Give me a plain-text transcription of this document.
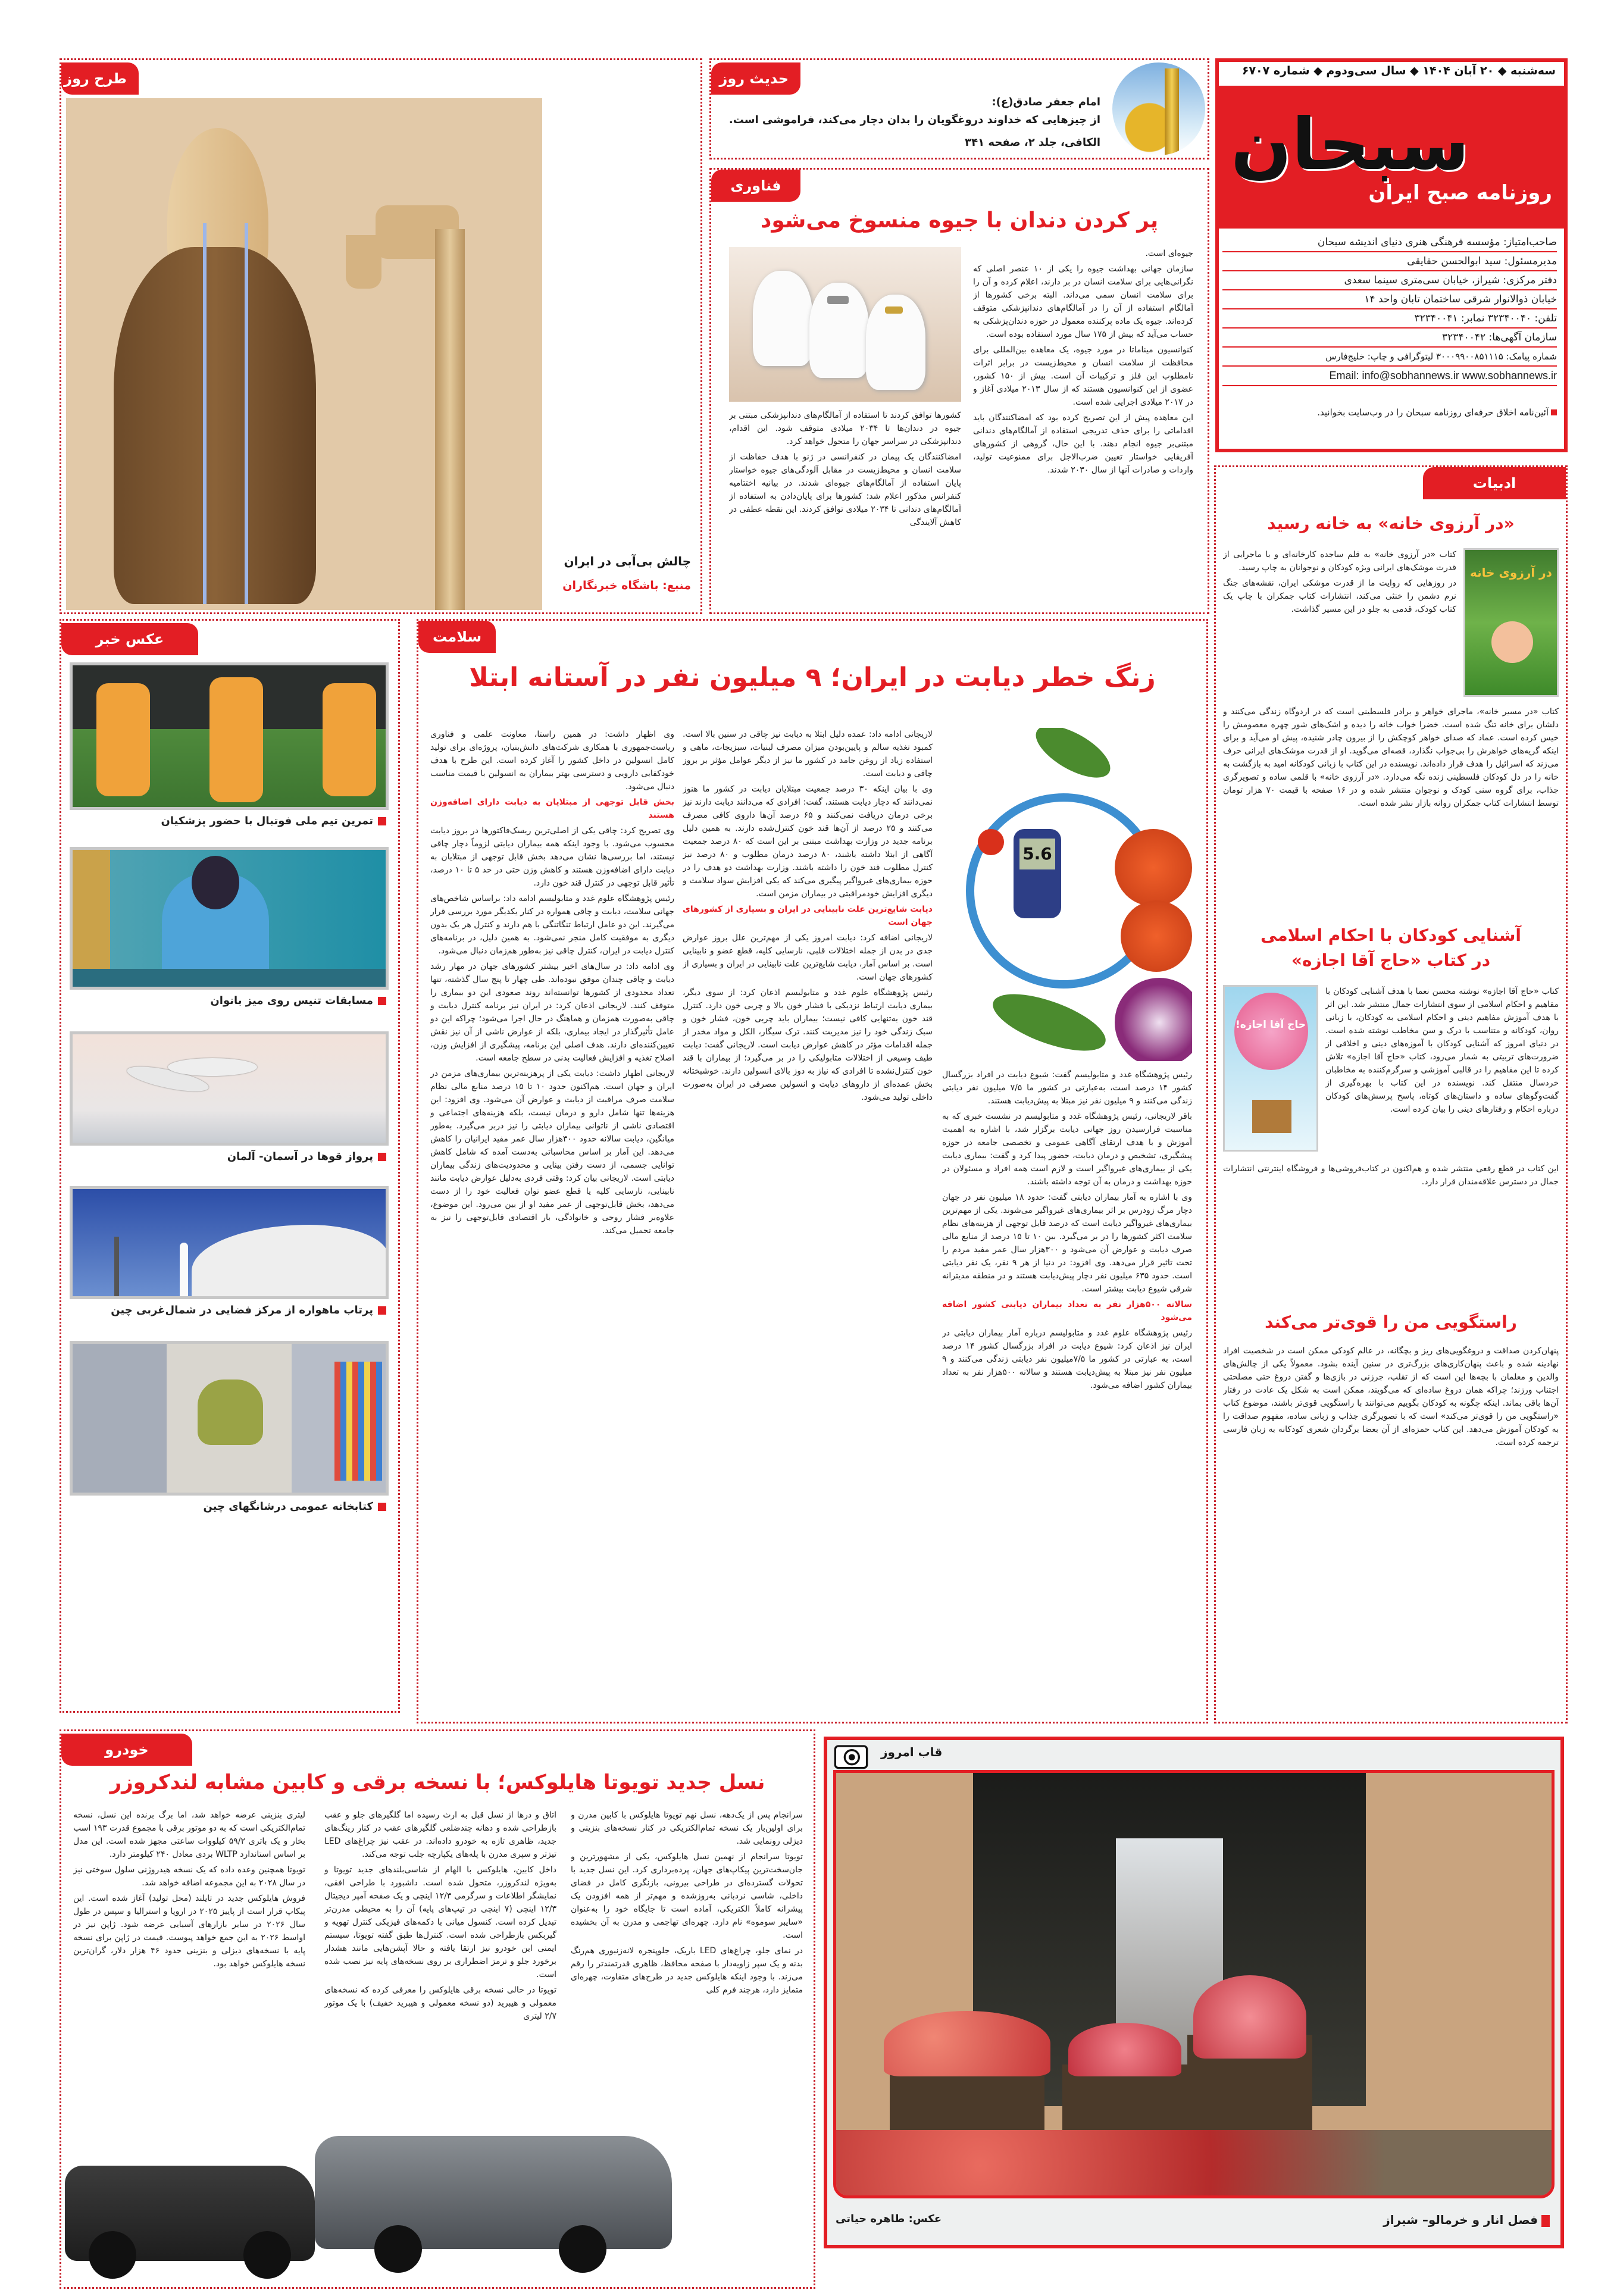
سه‌شنبه ◆ ۲۰ آبان ۱۴۰۴ ◆ سال سی‌ودوم ◆ شماره ۶۷۰۷
سبحان
روزنامه صبح ایران
صاحب‌امتیاز: مؤسسه فرهنگی هنری دنیای اندیشه سبحان
مدیرمسئول: سید ابوالحسن حقایقی
دفتر مرکزی: شیراز، خیابان سی‌متری سینما سعدی
خیابان ذوالانوار شرقی ساختمان تابان واحد ۱۴
تلفن: ۳۲۳۴۰۰۴۰ نمابر: ۳۲۳۴۰۰۴۱
سازمان آگهی‌ها: ۳۲۳۴۰۰۴۲
شماره پیامک: ۳۰۰۰۹۹۰۰۸۵۱۱۱۵ لیتوگرافی و چاپ: خلیج‌فارس
Email: info@sobhannews.ir www.sobhannews.ir
آئین‌نامه اخلاق حرفه‌ای روزنامه سبحان را در وب‌سایت بخوانید.
حدیث روز
امام جعفر صادق(ع):
از چیزهایی که خداوند دروغگویان را بدان دچار می‌کند، فراموشی است.
الکافی، جلد ۲، صفحه ۳۴۱
فناوری
پر کردن دندان با جیوه منسوخ می‌شود

جیوه‌ای است.

سازمان جهانی بهداشت جیوه را یکی از ۱۰ عنصر اصلی که نگرانی‌هایی برای سلامت انسان در بر دارند، اعلام کرده و آن را برای سلامت انسان سمی می‌داند. البته برخی کشورها از آمالگام استفاده از آن را در آمالگام‌های دندانپزشکی متوقف کرده‌اند. جیوه یک ماده پرکننده معمول در حوزه دندان‌پزشکی به حساب می‌آید که بیش از ۱۷۵ سال مورد استفاده بوده است.

کنوانسیون میناماتا در مورد جیوه، یک معاهده بین‌المللی برای محافظت از سلامت انسان و محیط‌زیست در برابر اثرات نامطلوب این فلز و ترکیبات آن است. بیش از ۱۵۰ کشور، عضوی از این کنوانسیون هستند که از سال ۲۰۱۳ میلادی آغاز و در ۲۰۱۷ میلادی اجرایی شده است.

این معاهده پیش از این تصریح کرده بود که امضاکنندگان باید اقداماتی را برای حذف تدریجی استفاده از آمالگام‌های دندانی مبتنی‌بر جیوه انجام دهند. با این حال، گروهی از کشورهای آفریقایی خواستار تعیین ضرب‌الاجل برای ممنوعیت تولید، واردات و صادرات آنها از سال ۲۰۳۰ شدند.

کشورها توافق کردند تا استفاده از آمالگام‌های دندانپزشکی مبتنی بر جیوه در دندان‌ها تا ۲۰۳۴ میلادی متوقف شود. این اقدام، دندانپزشکی در سراسر جهان را متحول خواهد کرد.

امضاکنندگان یک پیمان در کنفرانسی در ژنو با هدف حفاظت از سلامت انسان و محیط‌زیست در مقابل آلودگی‌های جیوه خواستار پایان استفاده از آمالگام‌های جیوه‌ای شدند. در بیانیه اختتامیه کنفرانس مذکور اعلام شد: کشورها برای پایان‌دادن به استفاده از آمالگام‌های دندانی تا ۲۰۳۴ میلادی توافق کردند. این نقطه عطفی در کاهش آلایندگی

طرح روز
چالش بی‌آبی در ایران
منبع: باشگاه خبرنگاران
ادبیات
«در آرزوی خانه» به خانه رسید
در آرزوی خانه

کتاب «در آرزوی خانه» به قلم ساجده کارخانه‌ای و با ماجرایی از قدرت موشک‌های ایرانی ویژه کودکان و نوجوانان به چاپ رسید.

در روزهایی که روایت ما از قدرت موشکی ایران، نقشه‌های جنگ نرم دشمن را خنثی می‌کند، انتشارات کتاب جمکران با چاپ یک کتاب کودک، قدمی به جلو در این مسیر گذاشت.

کتاب «در مسیر خانه»، ماجرای خواهر و برادر فلسطینی است که در اردوگاه زندگی می‌کنند و دلشان برای خانه تنگ شده است. خضرا خواب خانه را دیده و اشک‌های شور چهره معصومش را خیس کرده است. عماد که صدای خواهر کوچکش را از بیرون چادر شنیده، پیش او می‌آید و برای اینکه گریه‌های خواهرش را بی‌جواب نگذارد، قصه‌ای می‌گوید. او از قدرت موشک‌های ایرانی حرف می‌زند که اسرائیل را هدف قرار داده‌اند. نویسنده در این کتاب با زبانی کودکانه امید به بازگشت به خانه را در دل کودکان فلسطینی زنده نگه می‌دارد. «در آرزوی خانه» با قلمی ساده و تصویرگری جذاب، برای گروه سنی کودک و نوجوان منتشر شده و در ۱۶ صفحه با قیمت ۷۰ هزار تومان توسط انتشارات کتاب جمکران روانه بازار نشر شده است.

آشنایی کودکان با احکام اسلامی
در کتاب «حاج آقا اجازه»
حاج آقا اجازه!

کتاب «حاج آقا اجازه» نوشته محسن نعما با هدف آشنایی کودکان با مفاهیم و احکام اسلامی از سوی انتشارات جمال منتشر شد. این اثر با هدف آموزش مفاهیم دینی و احکام اسلامی به کودکان، با زبانی روان، کودکانه و متناسب با درک و سن مخاطب نوشته شده است. در دنیای امروز که آشنایی کودکان با آموزه‌های دینی و اخلاقی از ضرورت‌های تربیتی به شمار می‌رود، کتاب «حاج آقا اجازه» تلاش کرده تا این مفاهیم را در قالبی آموزشی و سرگرم‌کننده به مخاطبان خردسال منتقل کند. نویسنده در این کتاب با بهره‌گیری از گفت‌وگوهای ساده و داستان‌های کوتاه، پاسخ پرسش‌های کودکان درباره احکام و رفتارهای دینی را بیان کرده است.

این کتاب در قطع رقعی منتشر شده و هم‌اکنون در کتاب‌فروشی‌ها و فروشگاه اینترنتی انتشارات جمال در دسترس علاقه‌مندان قرار دارد.

راستگویی من را قوی‌تر می‌کند

پنهان‌کردن صداقت و دروغگویی‌های ریز و بچگانه، در عالم کودکی ممکن است در شخصیت افراد نهادینه شده و باعث پنهان‌کاری‌های بزرگ‌تری در سنین آینده بشود. معمولاً یکی از چالش‌های والدین و معلمان با بچه‌ها این است که از تقلب، جرزنی در بازی‌ها و گفتن دروغ حتی مصلحتی اجتناب ورزند؛ چراکه همان دروغ ساده‌ای که می‌گویند، ممکن است به شکل یک عادت در رفتار آن‌ها باقی بماند. اینکه چگونه به کودکان بگوییم می‌توانند با راستگویی قوی‌تر باشند، موضوع کتاب «راستگویی من را قوی‌تر می‌کند» است که با تصویرگری جذاب و زبانی ساده، مفهوم صداقت را به کودکان آموزش می‌دهد. این کتاب حمزه‌ای از آن بعضا برگردان شعری کودکانه به زبان فارسی ترجمه کرده است.

عکس خبر
تمرین تیم ملی فوتبال با حضور پزشکیان
مسابقات تنیس روی میز بانوان
پرواز قوها در آسمان- آلمان
پرتاب ماهواره از مرکز فضایی در شمال‌غربی چین
کتابخانه عمومی درشانگهای چین
سلامت
زنگ خطر دیابت در ایران؛ ۹ میلیون نفر در آستانه ابتلا
5.6

رئیس پژوهشگاه غدد و متابولیسم گفت: شیوع دیابت در افراد بزرگسال کشور ۱۴ درصد است، به‌عبارتی در کشور ما ۷/۵ میلیون نفر دیابتی زندگی می‌کنند و ۹ میلیون نفر نیز مبتلا به پیش‌دیابت هستند.

باقر لاریجانی، رئیس پژوهشگاه غدد و متابولیسم در نشست خبری که به مناسبت فرارسیدن روز جهانی دیابت برگزار شد، با اشاره به اهمیت آموزش و با هدف ارتقای آگاهی عمومی و تخصصی جامعه در حوزه پیشگیری، تشخیص و درمان دیابت، حضور پیدا کرد و گفت: بیماری دیابت یکی از بیماری‌های غیرواگیر است و لازم است همه افراد و مسئولان در حوزه بهداشت و درمان به آن توجه داشته باشند.

وی با اشاره به آمار بیماران دیابتی گفت: حدود ۱۸ میلیون نفر در جهان دچار مرگ زودرس بر اثر بیماری‌های غیرواگیر می‌شوند. یکی از مهم‌ترین بیماری‌های غیرواگیر دیابت است که درصد قابل توجهی از هزینه‌های نظام سلامت اکثر کشورها را در بر می‌گیرد. بین ۱۰ تا ۱۵ درصد از منابع مالی صرف دیابت و عوارض آن می‌شود و ۳۰۰هزار سال عمر مفید مردم را تحت تاثیر قرار می‌دهد. وی افزود: در دنیا از هر ۹ نفر، یک نفر دیابتی است. حدود ۶۳۵ میلیون نفر دچار پیش‌دیابت هستند و در منطقه مدیترانه شرقی شیوع دیابت بیشتر است.

سالانه ۵۰۰هزار نفر به تعداد بیماران دیابتی کشور اضافه می‌شود

رئیس پژوهشگاه علوم غدد و متابولیسم درباره آمار بیماران دیابتی در ایران نیز اذعان کرد: شیوع دیابت در افراد بزرگسال کشور ۱۴ درصد است، به عبارتی در کشور ما ۷/۵میلیون نفر دیابتی زندگی می‌کنند و ۹ میلیون نفر نیز مبتلا به پیش‌دیابت هستند و سالانه ۵۰۰هزار نفر به تعداد بیماران کشور اضافه می‌شود.

لاریجانی ادامه داد: عمده دلیل ابتلا به دیابت نیز چاقی در سنین بالا است. کمبود تغذیه سالم و پایین‌بودن میزان مصرف لبنیات، سبزیجات، ماهی و استفاده زیاد از روغن جامد در کشور ما نیز از دیگر عوامل مؤثر بر بروز چاقی و دیابت است.

وی با بیان اینکه ۳۰ درصد جمعیت مبتلایان دیابت در کشور ما هنوز نمی‌دانند که دچار دیابت هستند، گفت: افرادی که می‌دانند دیابت دارند نیز برخی درمان دریافت نمی‌کنند و ۶۵ درصد آن‌ها داروی کافی مصرف می‌کنند و ۲۵ درصد از آن‌ها قند خون کنترل‌شده دارند. به همین دلیل برنامه جدید در وزارت بهداشت مبتنی بر این است که ۸۰ درصد جمعیت آگاهی از ابتلا داشته باشند، ۸۰ درصد درمان مطلوب و ۸۰ درصد نیز کنترل مطلوب قند خون را داشته باشند. وزارت بهداشت دو هدف را در حوزه بیماری‌های غیرواگیر پیگیری می‌کند که یکی افزایش سواد سلامت و دیگری افزایش خودمراقبتی در بیماران مزمن است.

دیابت شایع‌ترین علت نابینایی در ایران و بسیاری از کشورهای جهان است

لاریجانی اضافه کرد: دیابت امروز یکی از مهم‌ترین علل بروز عوارض جدی در بدن از جمله اختلالات قلبی، نارسایی کلیه، قطع عضو و نابینایی است. بر اساس آمار، دیابت شایع‌ترین علت نابینایی در ایران و بسیاری از کشورهای جهان است.

رئیس پژوهشگاه علوم غدد و متابولیسم اذعان کرد: از سوی دیگر، بیماری دیابت ارتباط نزدیکی با فشار خون بالا و چربی خون دارد. کنترل قند خون به‌تنهایی کافی نیست؛ بیماران باید چربی خون، فشار خون و سبک زندگی خود را نیز مدیریت کنند. ترک سیگار، الکل و مواد مخدر از جمله اقدامات مؤثر در کاهش عوارض دیابت است. لاریجانی گفت: دیابت طیف وسیعی از اختلالات متابولیکی را در بر می‌گیرد؛ از بیماران با قند خون کنترل‌نشده تا افرادی که نیاز به دوز بالای انسولین دارند. خوشبختانه بخش عمده‌ای از داروهای دیابت و انسولین مصرفی در ایران به‌صورت داخلی تولید می‌شود.

وی اظهار داشت: در همین راستا، معاونت علمی و فناوری ریاست‌جمهوری با همکاری شرکت‌های دانش‌بنیان، پروژه‌ای برای تولید کامل انسولین در داخل کشور را آغاز کرده است. این طرح با هدف خودکفایی دارویی و دسترسی بهتر بیماران به انسولین با قیمت مناسب دنبال می‌شود.

بخش قابل توجهی از مبتلایان به دیابت دارای اضافه‌وزن هستند

وی تصریح کرد: چاقی یکی از اصلی‌ترین ریسک‌فاکتورها در بروز دیابت محسوب می‌شود. با وجود اینکه همه بیماران دیابتی لزوماً دچار چاقی نیستند، اما بررسی‌ها نشان می‌دهد بخش قابل توجهی از مبتلایان به دیابت دارای اضافه‌وزن هستند و کاهش وزن حتی در حد ۵ تا ۱۰ درصد، تأثیر قابل توجهی در کنترل قند خون دارد.

رئیس پژوهشگاه علوم غدد و متابولیسم ادامه داد: براساس شاخص‌های جهانی سلامت، دیابت و چاقی همواره در کنار یکدیگر مورد بررسی قرار می‌گیرند. این دو عامل ارتباط تنگاتنگی با هم دارند و کنترل هر یک بدون دیگری به موفقیت کامل منجر نمی‌شود. به همین دلیل، در برنامه‌های کنترل دیابت در ایران، کنترل چاقی نیز به‌طور هم‌زمان دنبال می‌شود.

وی ادامه داد: در سال‌های اخیر بیشتر کشورهای جهان در مهار رشد دیابت و چاقی چندان موفق نبوده‌اند. طی چهار تا پنج سال گذشته، تنها تعداد محدودی از کشورها توانسته‌اند روند صعودی این دو بیماری را متوقف کنند. لاریجانی اذعان کرد: در ایران نیز برنامه کنترل دیابت و چاقی به‌صورت همزمان و هماهنگ در حال اجرا می‌شود؛ چراکه این دو عامل تأثیرگذار در ایجاد بیماری، بلکه از عوارض ناشی از آن نیز نقش تعیین‌کننده‌ای دارند. هدف اصلی این برنامه، پیشگیری از افزایش وزن، اصلاح تغذیه و افزایش فعالیت بدنی در سطح جامعه است.

لاریجانی اظهار داشت: دیابت یکی از پرهزینه‌ترین بیماری‌های مزمن در ایران و جهان است. هم‌اکنون حدود ۱۰ تا ۱۵ درصد منابع مالی نظام سلامت صرف مراقبت از دیابت و عوارض آن می‌شود. وی افزود: این هزینه‌ها تنها شامل دارو و درمان نیست، بلکه هزینه‌های اجتماعی و اقتصادی ناشی از ناتوانی بیماران دیابتی را نیز دربر می‌گیرد. به‌طور میانگین، دیابت سالانه حدود ۳۰۰هزار سال عمر مفید ایرانیان را کاهش می‌دهد. این آمار بر اساس محاسباتی به‌دست آمده که شامل کاهش توانایی جسمی، از دست رفتن بینایی و محدودیت‌های زندگی بیماران دیابتی است. لاریجانی بیان کرد: وقتی فردی به‌دلیل عوارض دیابت مانند نابینایی، نارسایی کلیه یا قطع عضو توان فعالیت خود را از دست می‌دهد، بخش قابل‌توجهی از عمر مفید او از بین می‌رود. این موضوع، علاوه‌بر فشار روحی و خانوادگی، بار اقتصادی قابل‌توجهی را نیز به جامعه تحمیل می‌کند.

خودرو
نسل جدید تویوتا هایلوکس؛ با نسخه برقی و کابین مشابه لندکروزر

سرانجام پس از یک‌دهه، نسل نهم تویوتا هایلوکس با کابین مدرن و برای اولین‌بار یک نسخه تمام‌الکتریکی در کنار نسخه‌های بنزینی و دیزلی رونمایی شد.

تویوتا سرانجام از نهمین نسل هایلوکس، یکی از مشهورترین و جان‌سخت‌ترین پیکاپ‌های جهان، پرده‌برداری کرد. این نسل جدید با تحولات گسترده‌ای در طراحی بیرونی، بازنگری کامل در فضای داخلی، شاسی نردبانی به‌روزشده و مهم‌تر از همه افزودن یک پیشرانه کاملاً الکتریکی، آماده است تا جایگاه خود را به‌عنوان «سایبر سوموه» نام دارد. چهره‌ای تهاجمی و مدرن به آن بخشیده است.

در نمای جلو، چراغ‌های LED باریک، جلوپنجره لانه‌زنبوری هم‌رنگ بدنه و یک سپر زاویه‌دار با صفحه محافظ، ظاهری قدرتمندتر را رقم می‌زند. با وجود اینکه هایلوکس جدید در طرح‌های متفاوت، چهره‌ای متمایز دارد، هرچند فرم کلی

اتاق و درها از نسل قبل به ارث رسیده اما گلگیرهای جلو و عقب بازطراحی شده و دهانه چندضلعی گلگیرهای عقب در کنار رینگ‌های جدید، ظاهری تازه به خودرو داده‌اند. در عقب نیز چراغ‌های LED تیزتر و سپری مدرن با پله‌های یکپارچه جلب توجه می‌کند.

داخل کابین، هایلوکس با الهام از شاسی‌بلندهای جدید تویوتا و به‌ویژه لندکروزر، متحول شده است. داشبورد با طراحی افقی، نمایشگر اطلاعات و سرگرمی ۱۲/۳ اینچی و یک صفحه آمپر دیجیتال ۱۲/۳ اینچی (۷ اینچی در تیپ‌های پایه) آن را به محیطی مدرن‌تر تبدیل کرده است. کنسول میانی با دکمه‌های فیزیکی کنترل تهویه و گیربکس بازطراحی شده است. کنترل‌ها طبق گفته تویوتا، سیستم ایمنی این خودرو نیز ارتقا یافته و حالا آپشن‌هایی مانند هشدار برخورد جلو و ترمز اضطراری بر روی نسخه‌های پایه نیز نصب شده است.

تویوتا در حالی نسخه برقی هایلوکس را معرفی کرده که نسخه‌های معمولی و هیبرید (دو نسخه معمولی و هیبرید خفیف) با یک موتور ۲/۷ لیتری

لیتری بنزینی عرضه خواهد شد، اما برگ برنده این نسل، نسخه تمام‌الکتریکی است که به دو موتور برقی با مجموع قدرت ۱۹۳ اسب بخار و یک باتری ۵۹/۲ کیلووات ساعتی مجهز شده است. این مدل بر اساس استاندارد WLTP بردی معادل ۲۴۰ کیلومتر دارد.

تویوتا همچنین وعده داده که یک نسخه هیدروژنی سلول سوختی نیز در سال ۲۰۲۸ به این مجموعه اضافه خواهد شد.

فروش هایلوکس جدید در تایلند (محل تولید) آغاز شده است. این پیکاپ قرار است از پاییز ۲۰۲۵ در اروپا و استرالیا و سپس در طول سال ۲۰۲۶ در سایر بازارهای آسیایی عرضه شود. ژاپن نیز در اواسط ۲۰۲۶ به این جمع خواهد پیوست. قیمت در ژاپن برای نسخه پایه با نسخه‌های دیزلی و بنزینی حدود ۴۶ هزار دلار، گران‌ترین نسخه هایلوکس خواهد بود.

قاب امروز
فصل انار و خرمالو– شیراز
عکس: طاهره حیاتی
